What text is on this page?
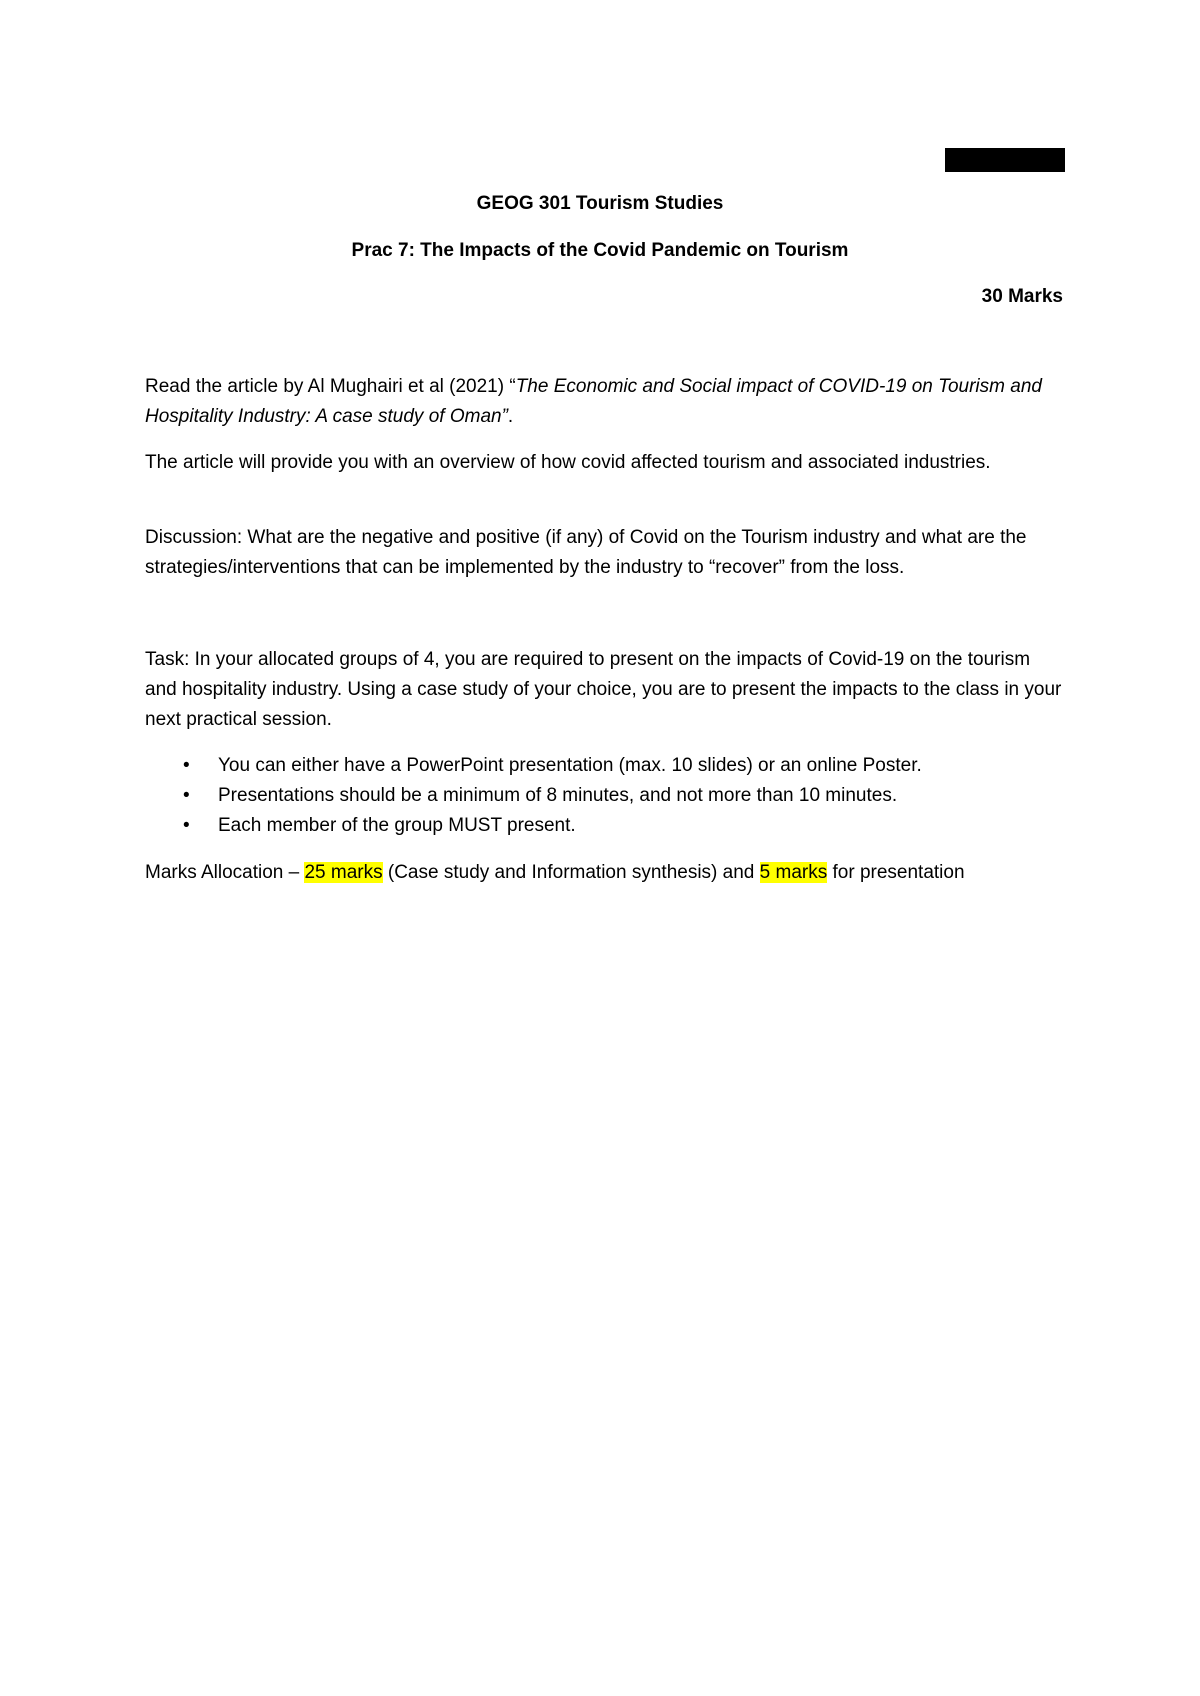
GEOG 301 Tourism Studies
Prac 7: The Impacts of the Covid Pandemic on Tourism
30 Marks

Read the article by Al Mughairi et al (2021) “The Economic and Social impact of COVID-19 on Tourism and Hospitality Industry: A case study of Oman”.

The article will provide you with an overview of how covid affected tourism and associated industries.

Discussion: What are the negative and positive (if any) of Covid on the Tourism industry and what are the strategies/interventions that can be implemented by the industry to “recover” from the loss.

Task: In your allocated groups of 4, you are required to present on the impacts of Covid-19 on the tourism and hospitality industry. Using a case study of your choice, you are to present the impacts to the class in your next practical session.

• You can either have a PowerPoint presentation (max. 10 slides) or an online Poster.
• Presentations should be a minimum of 8 minutes, and not more than 10 minutes.
• Each member of the group MUST present.

Marks Allocation – 25 marks (Case study and Information synthesis) and 5 marks for presentation
